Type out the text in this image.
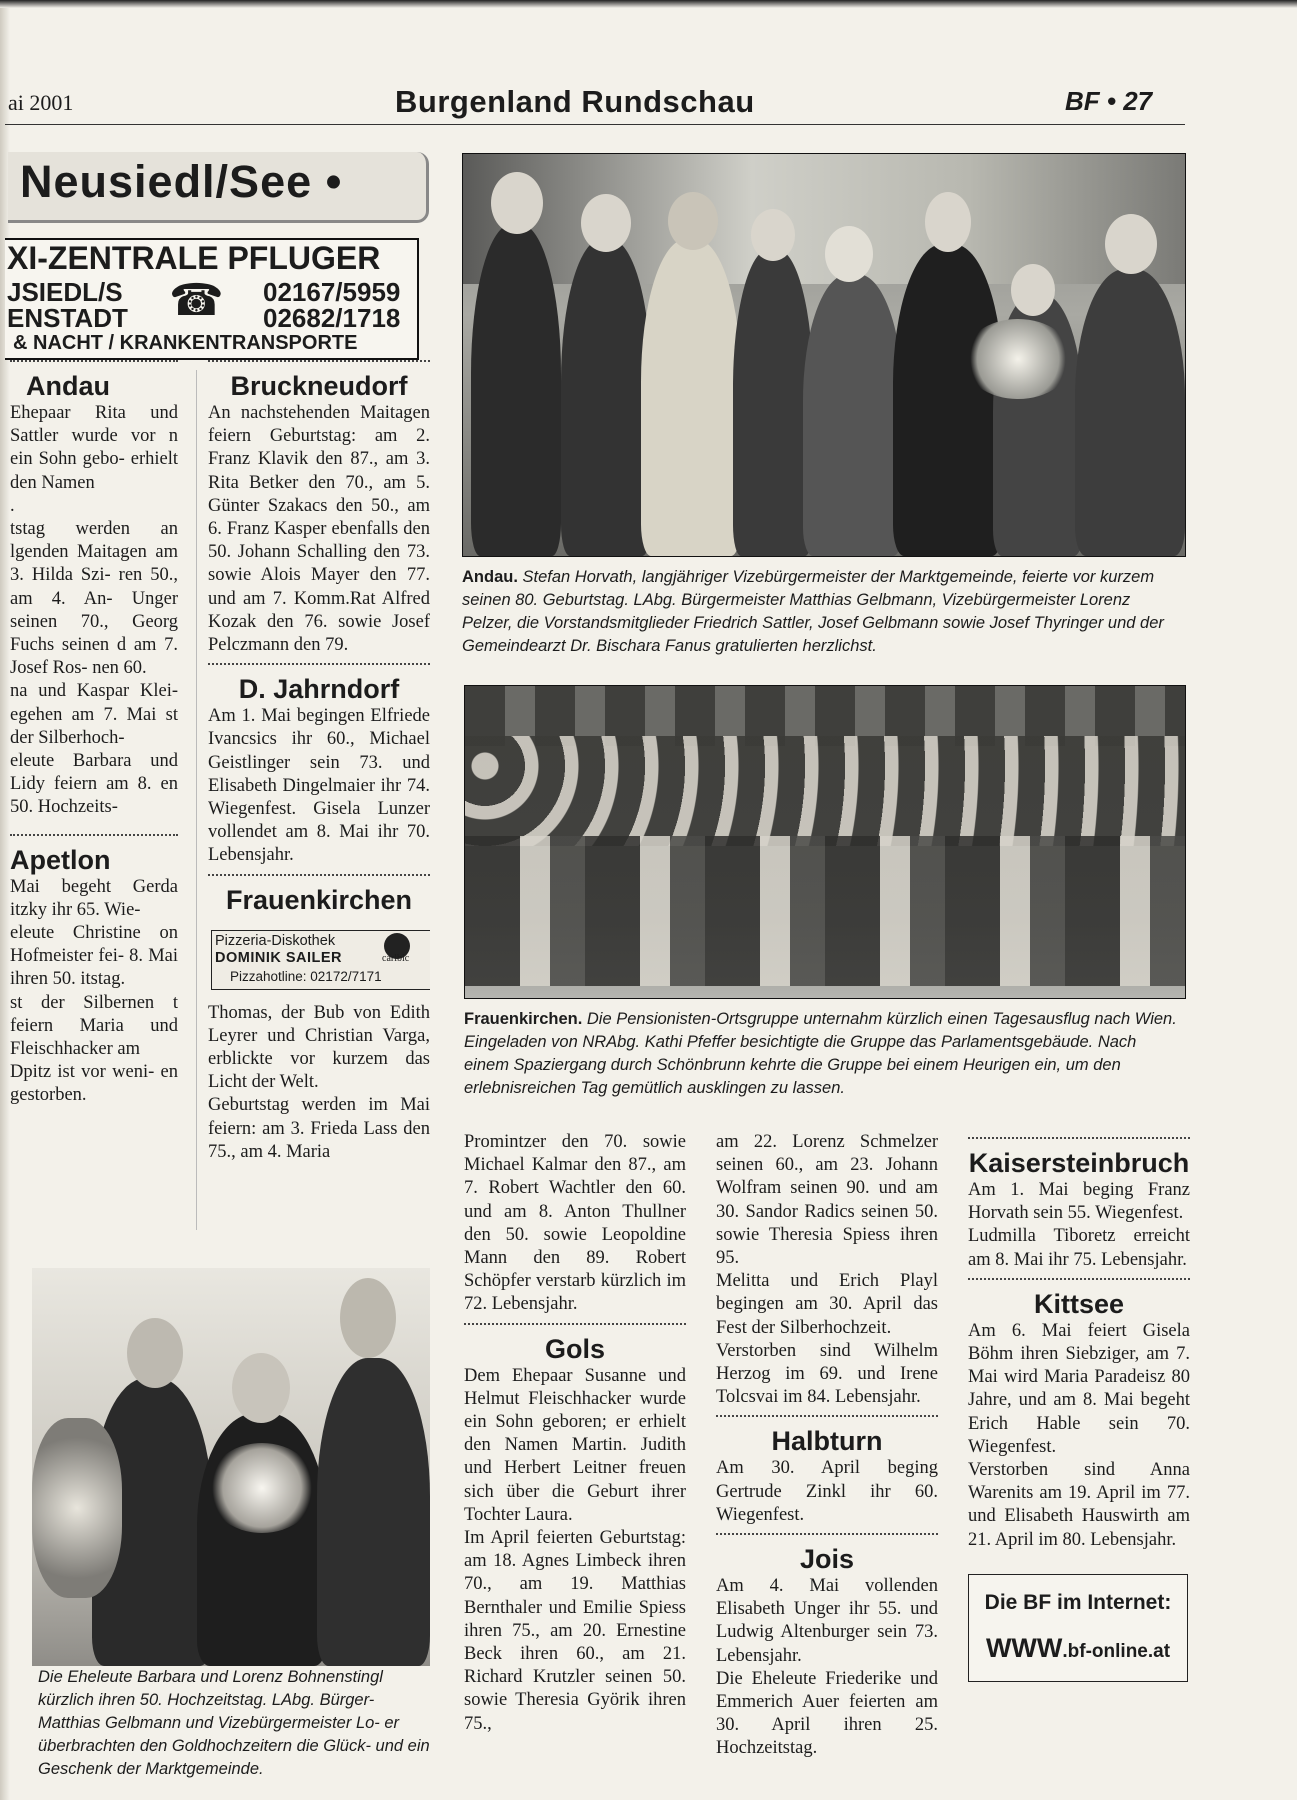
ai 2001	Burgenland Rundschau	BF • 27
Neusiedl/See •
XI-ZENTRALE PFLUGER
JSIEDL/S ☎ 02167/5959
ENSTADT	02682/1718
& NACHT / KRANKENTRANSPORTE
Andau
Ehepaar Rita und Sattler wurde vor n ein Sohn gebo- erhielt den Namen
.
tstag werden an lgenden Maitagen am 3. Hilda Szi- ren 50., am 4. An- Unger seinen 70., Georg Fuchs seinen d am 7. Josef Ros- nen 60.
na und Kaspar Klei- egehen am 7. Mai st der Silberhoch-
eleute Barbara und Lidy feiern am 8. en 50. Hochzeits-
Apetlon
Mai begeht Gerda itzky ihr 65. Wie-
eleute Christine on Hofmeister fei- 8. Mai ihren 50. itstag.
st der Silbernen t feiern Maria und Fleischhacker am
Dpitz ist vor weni- en gestorben.
Bruckneudorf
An nachstehenden Maitagen feiern Geburtstag: am 2. Franz Klavik den 87., am 3. Rita Betker den 70., am 5. Günter Szakacs den 50., am 6. Franz Kasper ebenfalls den 50. Johann Schalling den 73. sowie Alois Mayer den 77. und am 7. Komm.Rat Alfred Kozak den 76. sowie Josef Pelczmann den 79.
D. Jahrndorf
Am 1. Mai begingen Elfriede Ivancsics ihr 60., Michael Geistlinger sein 73. und Elisabeth Dingelmaier ihr 74. Wiegenfest. Gisela Lunzer vollendet am 8. Mai ihr 70. Lebensjahr.
Frauenkirchen
Pizzeria-Diskothek
DOMINIK SAILER	carlbic
Pizzahotline: 02172/7171
Thomas, der Bub von Edith Leyrer und Christian Varga, erblickte vor kurzem das Licht der Welt.
Geburtstag werden im Mai feiern: am 3. Frieda Lass den 75., am 4. Maria
Andau. Stefan Horvath, langjähriger Vizebürgermeister der Marktgemeinde, feierte vor kurzem seinen 80. Geburtstag. LAbg. Bürgermeister Matthias Gelbmann, Vizebürgermeister Lorenz Pelzer, die Vorstandsmitglieder Friedrich Sattler, Josef Gelbmann sowie Josef Thyringer und der Gemeindearzt Dr. Bischara Fanus gratulierten herzlichst.
Frauenkirchen. Die Pensionisten-Ortsgruppe unternahm kürzlich einen Tagesausflug nach Wien. Eingeladen von NRAbg. Kathi Pfeffer besichtigte die Gruppe das Parlamentsgebäude. Nach einem Spaziergang durch Schönbrunn kehrte die Gruppe bei einem Heurigen ein, um den erlebnisreichen Tag gemütlich ausklingen zu lassen.
Die Eheleute Barbara und Lorenz Bohnenstingl kürzlich ihren 50. Hochzeitstag. LAbg. Bürger- Matthias Gelbmann und Vizebürgermeister Lo- er überbrachten den Goldhochzeitern die Glück- und ein Geschenk der Marktgemeinde.
Promintzer den 70. sowie Michael Kalmar den 87., am 7. Robert Wachtler den 60. und am 8. Anton Thullner den 50. sowie Leopoldine Mann den 89. Robert Schöpfer verstarb kürzlich im 72. Lebensjahr.
Gols
Dem Ehepaar Susanne und Helmut Fleischhacker wurde ein Sohn geboren; er erhielt den Namen Martin. Judith und Herbert Leitner freuen sich über die Geburt ihrer Tochter Laura.
Im April feierten Geburtstag: am 18. Agnes Limbeck ihren 70., am 19. Matthias Bernthaler und Emilie Spiess ihren 75., am 20. Ernestine Beck ihren 60., am 21. Richard Krutzler seinen 50. sowie Theresia Györik ihren 75.,
am 22. Lorenz Schmelzer seinen 60., am 23. Johann Wolfram seinen 90. und am 30. Sandor Radics seinen 50. sowie Theresia Spiess ihren 95.
Melitta und Erich Playl begingen am 30. April das Fest der Silberhochzeit.
Verstorben sind Wilhelm Herzog im 69. und Irene Tolcsvai im 84. Lebensjahr.
Halbturn
Am 30. April beging Gertrude Zinkl ihr 60. Wiegenfest.
Jois
Am 4. Mai vollenden Elisabeth Unger ihr 55. und Ludwig Altenburger sein 73. Lebensjahr.
Die Eheleute Friederike und Emmerich Auer feierten am 30. April ihren 25. Hochzeitstag.
Kaisersteinbruch
Am 1. Mai beging Franz Horvath sein 55. Wiegenfest.
Ludmilla Tiboretz erreicht am 8. Mai ihr 75. Lebensjahr.
Kittsee
Am 6. Mai feiert Gisela Böhm ihren Siebziger, am 7. Mai wird Maria Paradeisz 80 Jahre, und am 8. Mai begeht Erich Hable sein 70. Wiegenfest.
Verstorben sind Anna Warenits am 19. April im 77. und Elisabeth Hauswirth am 21. April im 80. Lebensjahr.
Die BF im Internet:
WWW.bf-online.at
